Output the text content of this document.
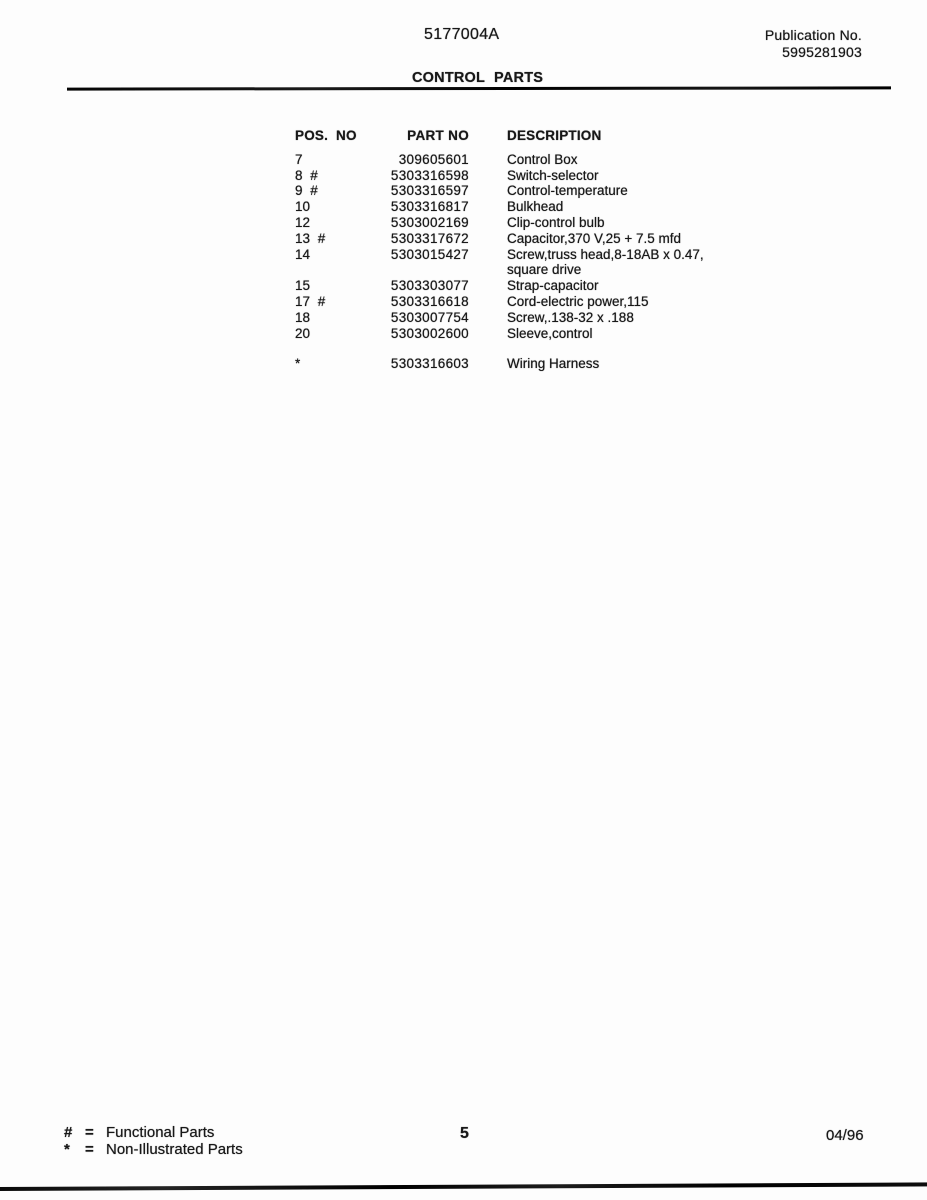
5177004A	Publication No.
5995281903
CONTROL PARTS
POS. NO	PART NO	DESCRIPTION
7	309605601	Control Box
8 #	5303316598	Switch-selector
9 #	5303316597	Control-temperature
10	5303316817	Bulkhead
12	5303002169	Clip-control bulb
13 #	5303317672	Capacitor,370 V,25 + 7.5 mfd
14	5303015427	Screw,truss head,8-18AB x 0.47,
square drive
15	5303303077	Strap-capacitor
17 #	5303316618	Cord-electric power,115
18	5303007754	Screw,.138-32 x .188
20	5303002600	Sleeve,control
*	5303316603	Wiring Harness
# = Functional Parts
*	= Non-Illustrated Parts
5	04/96
